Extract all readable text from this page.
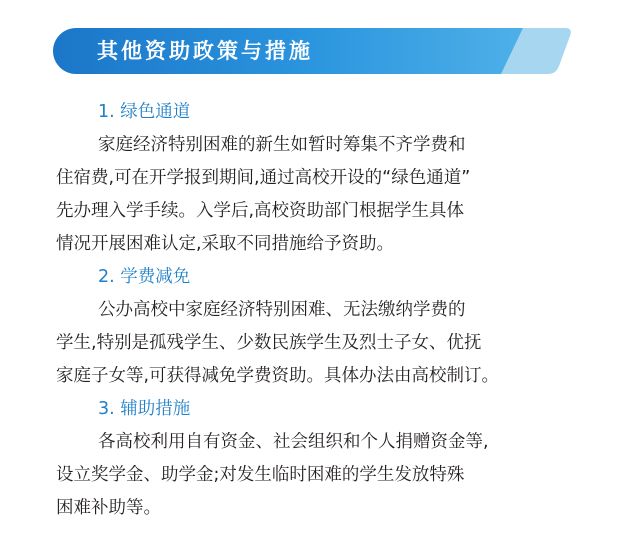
其他资助政策与措施
1. 绿色通道
家庭经济特别困难的新生如暂时筹集不齐学费和
住宿费,可在开学报到期间,通过高校开设的“绿色通道”
先办理入学手续。入学后,高校资助部门根据学生具体
情况开展困难认定,采取不同措施给予资助。
2. 学费减免
公办高校中家庭经济特别困难、无法缴纳学费的
学生,特别是孤残学生、少数民族学生及烈士子女、优抚
家庭子女等,可获得减免学费资助。具体办法由高校制订。
3. 辅助措施
各高校利用自有资金、社会组织和个人捐赠资金等,
设立奖学金、助学金;对发生临时困难的学生发放特殊
困难补助等。
